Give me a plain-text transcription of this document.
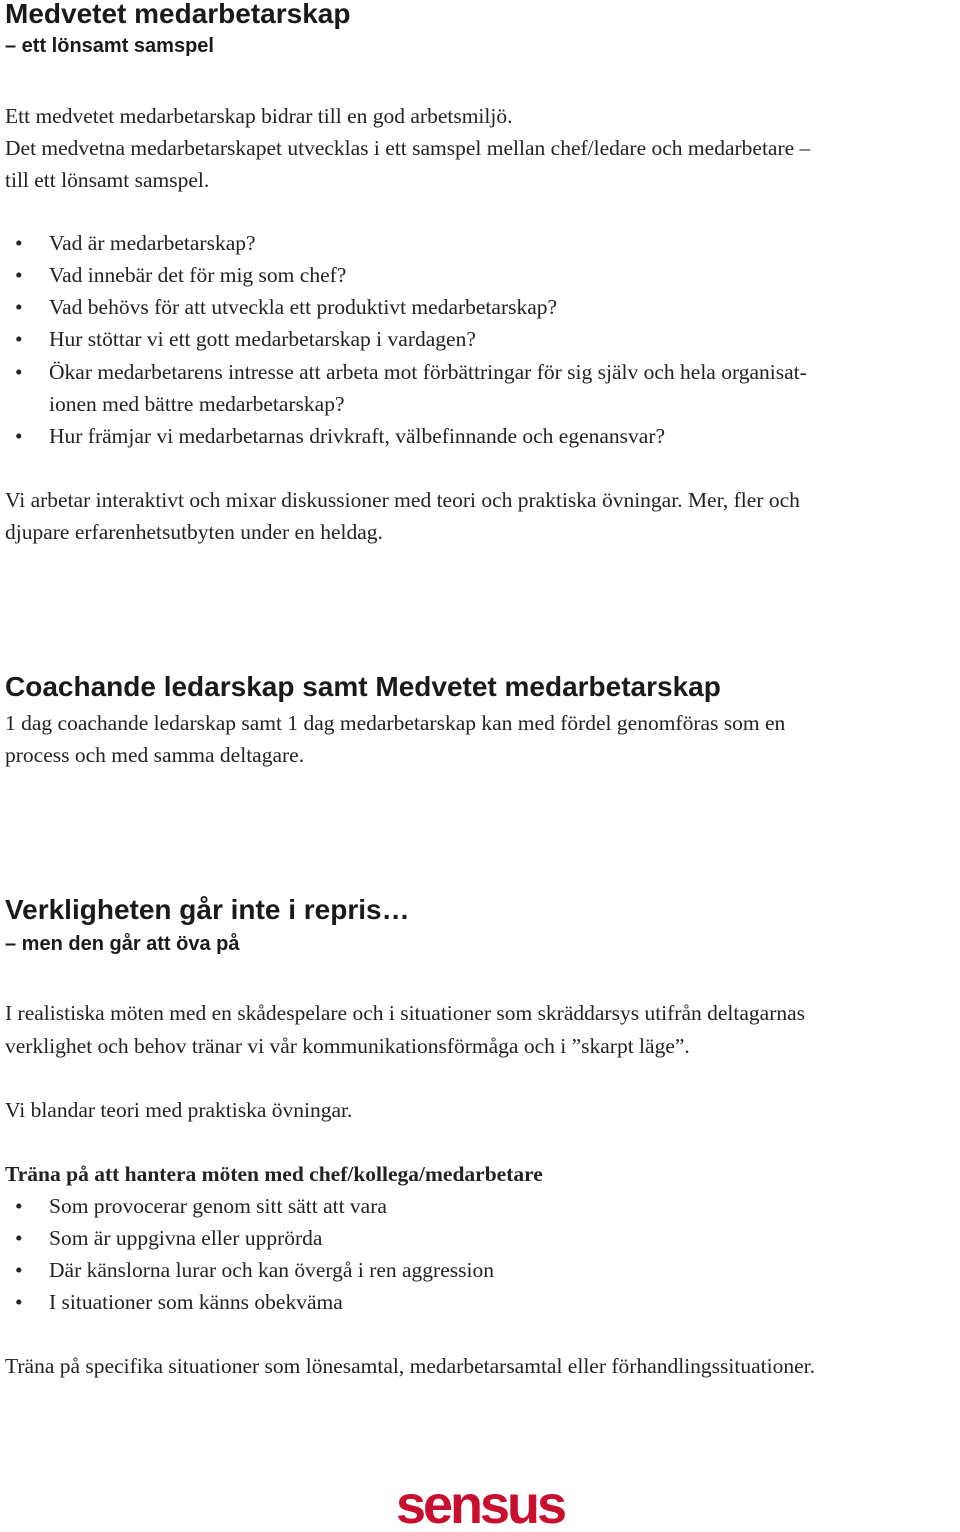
Medvetet medarbetarskap
– ett lönsamt samspel
Ett medvetet medarbetarskap bidrar till en god arbetsmiljö.
Det medvetna medarbetarskapet utvecklas i ett samspel mellan chef/ledare och medarbetare –
till ett lönsamt samspel.
• Vad är medarbetarskap?
• Vad innebär det för mig som chef?
• Vad behövs för att utveckla ett produktivt medarbetarskap?
• Hur stöttar vi ett gott medarbetarskap i vardagen?
• Ökar medarbetarens intresse att arbeta mot förbättringar för sig själv och hela organisat-
ionen med bättre medarbetarskap?
• Hur främjar vi medarbetarnas drivkraft, välbefinnande och egenansvar?
Vi arbetar interaktivt och mixar diskussioner med teori och praktiska övningar. Mer, fler och
djupare erfarenhetsutbyten under en heldag.
Coachande ledarskap samt Medvetet medarbetarskap
1 dag coachande ledarskap samt 1 dag medarbetarskap kan med fördel genomföras som en
process och med samma deltagare.
Verkligheten går inte i repris…
– men den går att öva på
I realistiska möten med en skådespelare och i situationer som skräddarsys utifrån deltagarnas
verklighet och behov tränar vi vår kommunikationsförmåga och i ”skarpt läge”.
Vi blandar teori med praktiska övningar.
Träna på att hantera möten med chef/kollega/medarbetare
• Som provocerar genom sitt sätt att vara
• Som är uppgivna eller upprörda
• Där känslorna lurar och kan övergå i ren aggression
• I situationer som känns obekväma
Träna på specifika situationer som lönesamtal, medarbetarsamtal eller förhandlingssituationer.
sensus
